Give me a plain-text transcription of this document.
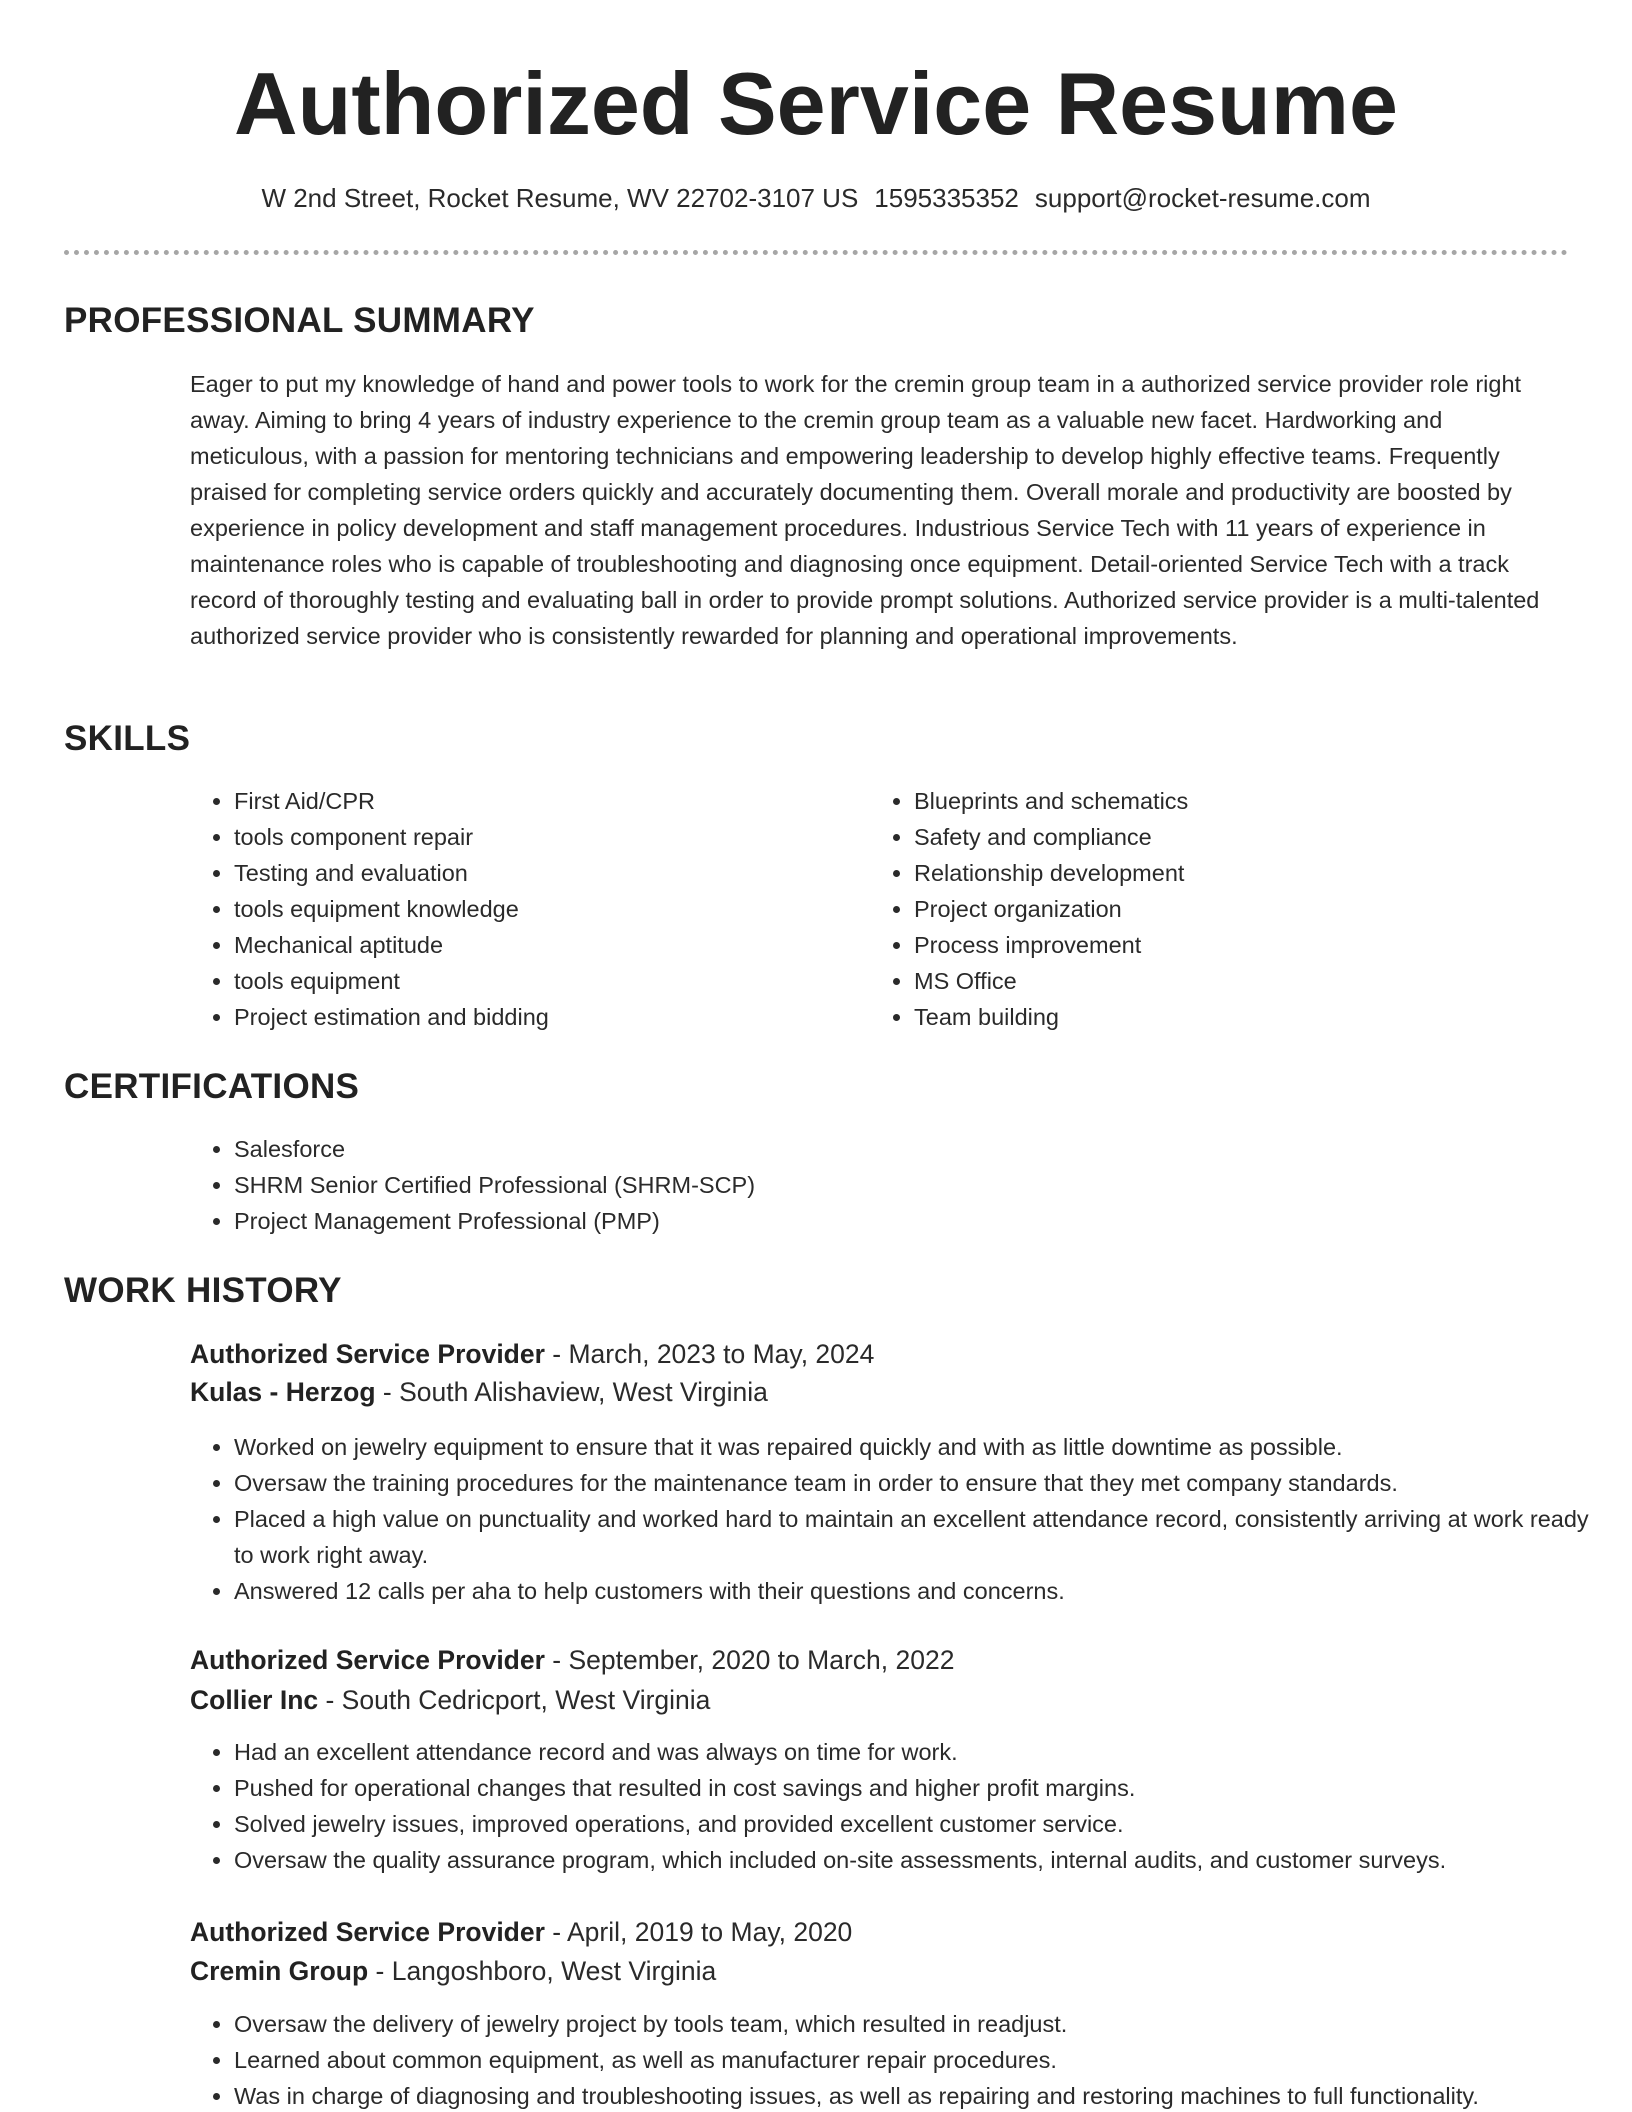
Authorized Service Resume
W 2nd Street, Rocket Resume, WV 22702-3107 US 1595335352 support@rocket-resume.com
PROFESSIONAL SUMMARY

Eager to put my knowledge of hand and power tools to work for the cremin group team in a authorized service provider role right away. Aiming to bring 4 years of industry experience to the cremin group team as a valuable new facet. Hardworking and meticulous, with a passion for mentoring technicians and empowering leadership to develop highly effective teams. Frequently praised for completing service orders quickly and accurately documenting them. Overall morale and productivity are boosted by experience in policy development and staff management procedures. Industrious Service Tech with 11 years of experience in maintenance roles who is capable of troubleshooting and diagnosing once equipment. Detail-oriented Service Tech with a track record of thoroughly testing and evaluating ball in order to provide prompt solutions. Authorized service provider is a multi-talented authorized service provider who is consistently rewarded for planning and operational improvements.

SKILLS
• First Aid/CPR
• tools component repair
• Testing and evaluation
• tools equipment knowledge
• Mechanical aptitude
• tools equipment
• Project estimation and bidding
• Blueprints and schematics
• Safety and compliance
• Relationship development
• Project organization
• Process improvement
• MS Office
• Team building
CERTIFICATIONS
• Salesforce
• SHRM Senior Certified Professional (SHRM-SCP)
• Project Management Professional (PMP)
WORK HISTORY
Authorized Service Provider - March, 2023 to May, 2024
Kulas - Herzog - South Alishaview, West Virginia
• Worked on jewelry equipment to ensure that it was repaired quickly and with as little downtime as possible.
• Oversaw the training procedures for the maintenance team in order to ensure that they met company standards.
• Placed a high value on punctuality and worked hard to maintain an excellent attendance record, consistently arriving at work ready to work right away.
• Answered 12 calls per aha to help customers with their questions and concerns.
Authorized Service Provider - September, 2020 to March, 2022
Collier Inc - South Cedricport, West Virginia
• Had an excellent attendance record and was always on time for work.
• Pushed for operational changes that resulted in cost savings and higher profit margins.
• Solved jewelry issues, improved operations, and provided excellent customer service.
• Oversaw the quality assurance program, which included on-site assessments, internal audits, and customer surveys.
Authorized Service Provider - April, 2019 to May, 2020
Cremin Group - Langoshboro, West Virginia
• Oversaw the delivery of jewelry project by tools team, which resulted in readjust.
• Learned about common equipment, as well as manufacturer repair procedures.
• Was in charge of diagnosing and troubleshooting issues, as well as repairing and restoring machines to full functionality.
